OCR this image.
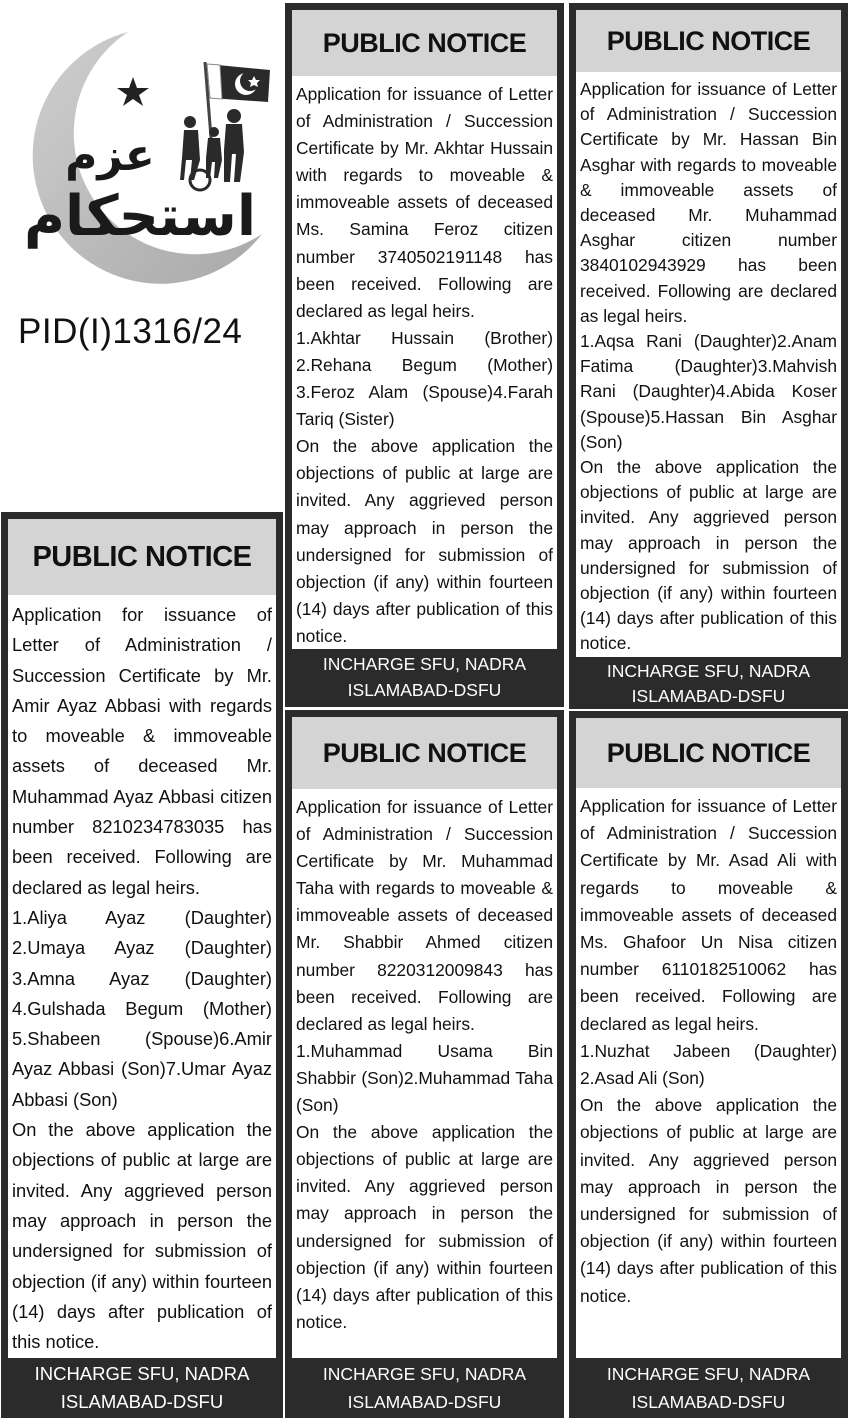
عزم
استحکام
PID(I)1316/24
PUBLIC NOTICE

Application for issuance of Letter of Administration / Succession Certificate by Mr. Akhtar Hussain with regards to moveable & immoveable assets of deceased Ms. Samina Feroz citizen number 3740502191148 has been received. Following are declared as legal heirs.

1.Akhtar Hussain (Brother) 2.Rehana Begum (Mother) 3.Feroz Alam (Spouse)4.Farah Tariq (Sister)

On the above application the objections of public at large are invited. Any aggrieved person may approach in person the undersigned for submission of objection (if any) within fourteen (14) days after publication of this notice.

INCHARGE SFU, NADRA
ISLAMABAD-DSFU
PUBLIC NOTICE

Application for issuance of Letter of Administration / Succession Certificate by Mr. Hassan Bin Asghar with regards to moveable & immoveable assets of deceased Mr. Muhammad Asghar citizen number 3840102943929 has been received. Following are declared as legal heirs.

1.Aqsa Rani (Daughter)2.Anam Fatima (Daughter)3.Mahvish Rani (Daughter)4.Abida Koser (Spouse)5.Hassan Bin Asghar (Son)

On the above application the objections of public at large are invited. Any aggrieved person may approach in person the undersigned for submission of objection (if any) within fourteen (14) days after publication of this notice.

INCHARGE SFU, NADRA
ISLAMABAD-DSFU
PUBLIC NOTICE

Application for issuance of Letter of Administration / Succession Certificate by Mr. Amir Ayaz Abbasi with regards to moveable & immoveable assets of deceased Mr. Muhammad Ayaz Abbasi citizen number 8210234783035 has been received. Following are declared as legal heirs.

1.Aliya Ayaz (Daughter) 2.Umaya Ayaz (Daughter) 3.Amna Ayaz (Daughter) 4.Gulshada Begum (Mother) 5.Shabeen (Spouse)6.Amir Ayaz Abbasi (Son)7.Umar Ayaz Abbasi (Son)

On the above application the objections of public at large are invited. Any aggrieved person may approach in person the undersigned for submission of objection (if any) within fourteen (14) days after publication of this notice.

INCHARGE SFU, NADRA
ISLAMABAD-DSFU
PUBLIC NOTICE

Application for issuance of Letter of Administration / Succession Certificate by Mr. Muhammad Taha with regards to moveable & immoveable assets of deceased Mr. Shabbir Ahmed citizen number 8220312009843 has been received. Following are declared as legal heirs.

1.Muhammad Usama Bin Shabbir (Son)2.Muhammad Taha (Son)

On the above application the objections of public at large are invited. Any aggrieved person may approach in person the undersigned for submission of objection (if any) within fourteen (14) days after publication of this notice.

INCHARGE SFU, NADRA
ISLAMABAD-DSFU
PUBLIC NOTICE

Application for issuance of Letter of Administration / Succession Certificate by Mr. Asad Ali with regards to moveable & immoveable assets of deceased Ms. Ghafoor Un Nisa citizen number 6110182510062 has been received. Following are declared as legal heirs.

1.Nuzhat Jabeen (Daughter) 2.Asad Ali (Son)

On the above application the objections of public at large are invited. Any aggrieved person may approach in person the undersigned for submission of objection (if any) within fourteen (14) days after publication of this notice.

INCHARGE SFU, NADRA
ISLAMABAD-DSFU
